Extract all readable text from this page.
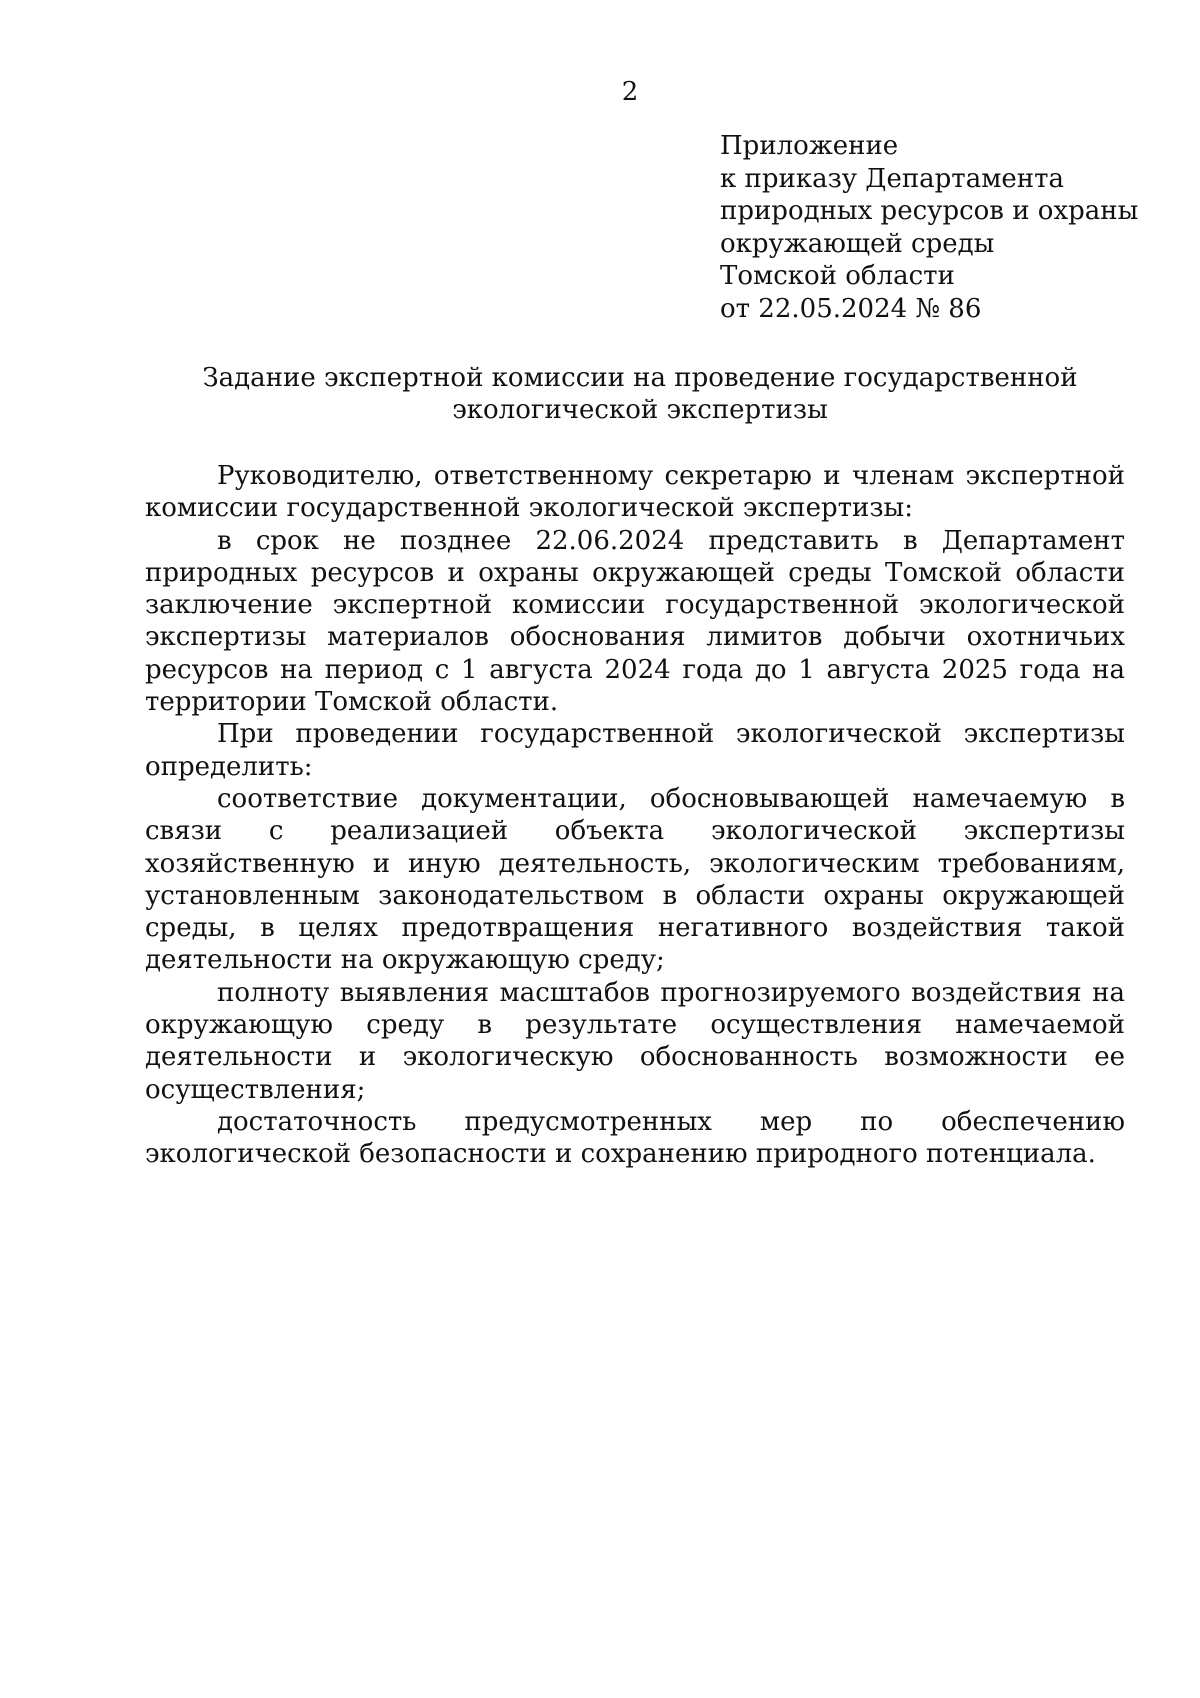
2
Приложение
к приказу Департамента
природных ресурсов и охраны
окружающей среды
Томской области
от 22.05.2024 № 86
Задание экспертной комиссии на проведение государственной
экологической экспертизы

Руководителю, ответственному секретарю и членам экспертной комиссии государственной экологической экспертизы:

в срок не позднее 22.06.2024 представить в Департамент природных ресурсов и охраны окружающей среды Томской области заключение экспертной комиссии государственной экологической экспертизы материалов обоснования лимитов добычи охотничьих ресурсов на период с 1 августа 2024 года до 1 августа 2025 года на территории Томской области.

При проведении государственной экологической экспертизы определить:

соответствие документации, обосновывающей намечаемую в связи с реализацией объекта экологической экспертизы хозяйственную и иную деятельность, экологическим требованиям, установленным законодательством в области охраны окружающей среды, в целях предотвращения негативного воздействия такой деятельности на окружающую среду;

полноту выявления масштабов прогнозируемого воздействия на окружающую среду в результате осуществления намечаемой деятельности и экологическую обоснованность возможности ее осуществления;

достаточность предусмотренных мер по обеспечению экологической безопасности и сохранению природного потенциала.
